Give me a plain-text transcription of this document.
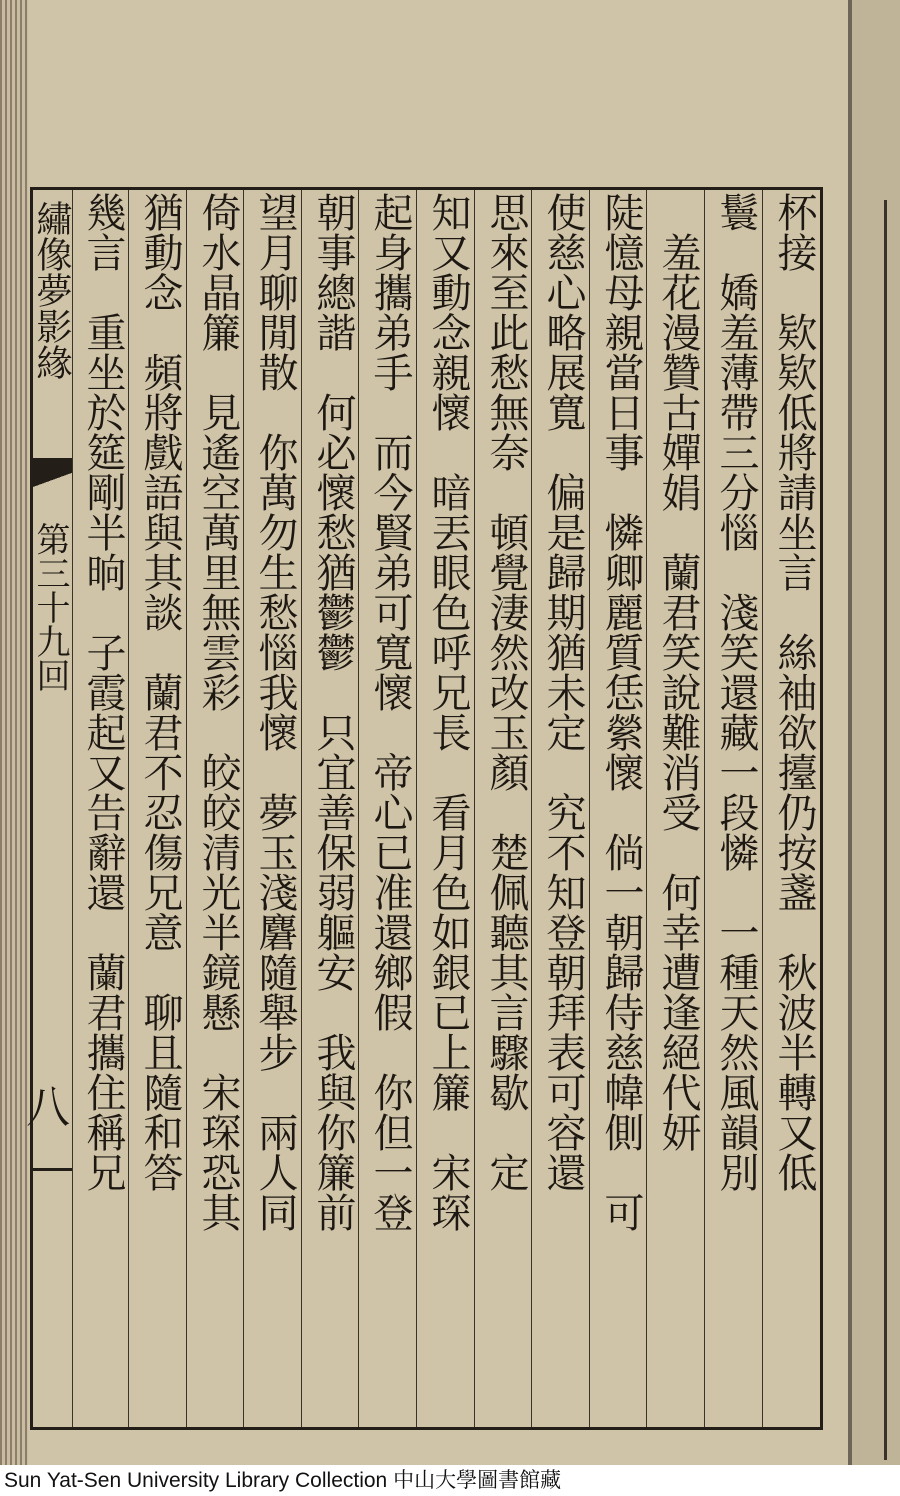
繡像夢影緣
第三十九回
八	杯接　欵欵低將請坐言　絲袖欲擡仍按盞　秋波半轉又低
鬟　嬌羞薄帶三分惱　淺笑還藏一段憐　一種天然風韻別
　羞花漫贊古嬋娟　蘭君笑說難消受　何幸遭逢絕代妍
陡憶母親當日事　憐卿麗質恁縈懷　倘一朝歸侍慈幃側　可
使慈心略展寬　偏是歸期猶未定　究不知登朝拜表可容還
思來至此愁無奈　頓覺淒然改玉顏　楚佩聽其言驟歇　定
知又動念親懷　暗丟眼色呼兄長　看月色如銀已上簾　宋琛
起身攜弟手　而今賢弟可寬懷　帝心已准還鄉假　你但一登
朝事總諧　何必懷愁猶鬱鬱　只宜善保弱軀安　我與你簾前
望月聊閒散　你萬勿生愁惱我懷　夢玉淺麏隨舉步　兩人同
倚水晶簾　見遙空萬里無雲彩　皎皎清光半鏡懸　宋琛恐其
猶動念　頻將戲語與其談　蘭君不忍傷兄意　聊且隨和答
幾言　重坐於筵剛半晌　子霞起又告辭還　蘭君攜住稱兄
Sun Yat-Sen University Library Collection 中山大學圖書館藏
